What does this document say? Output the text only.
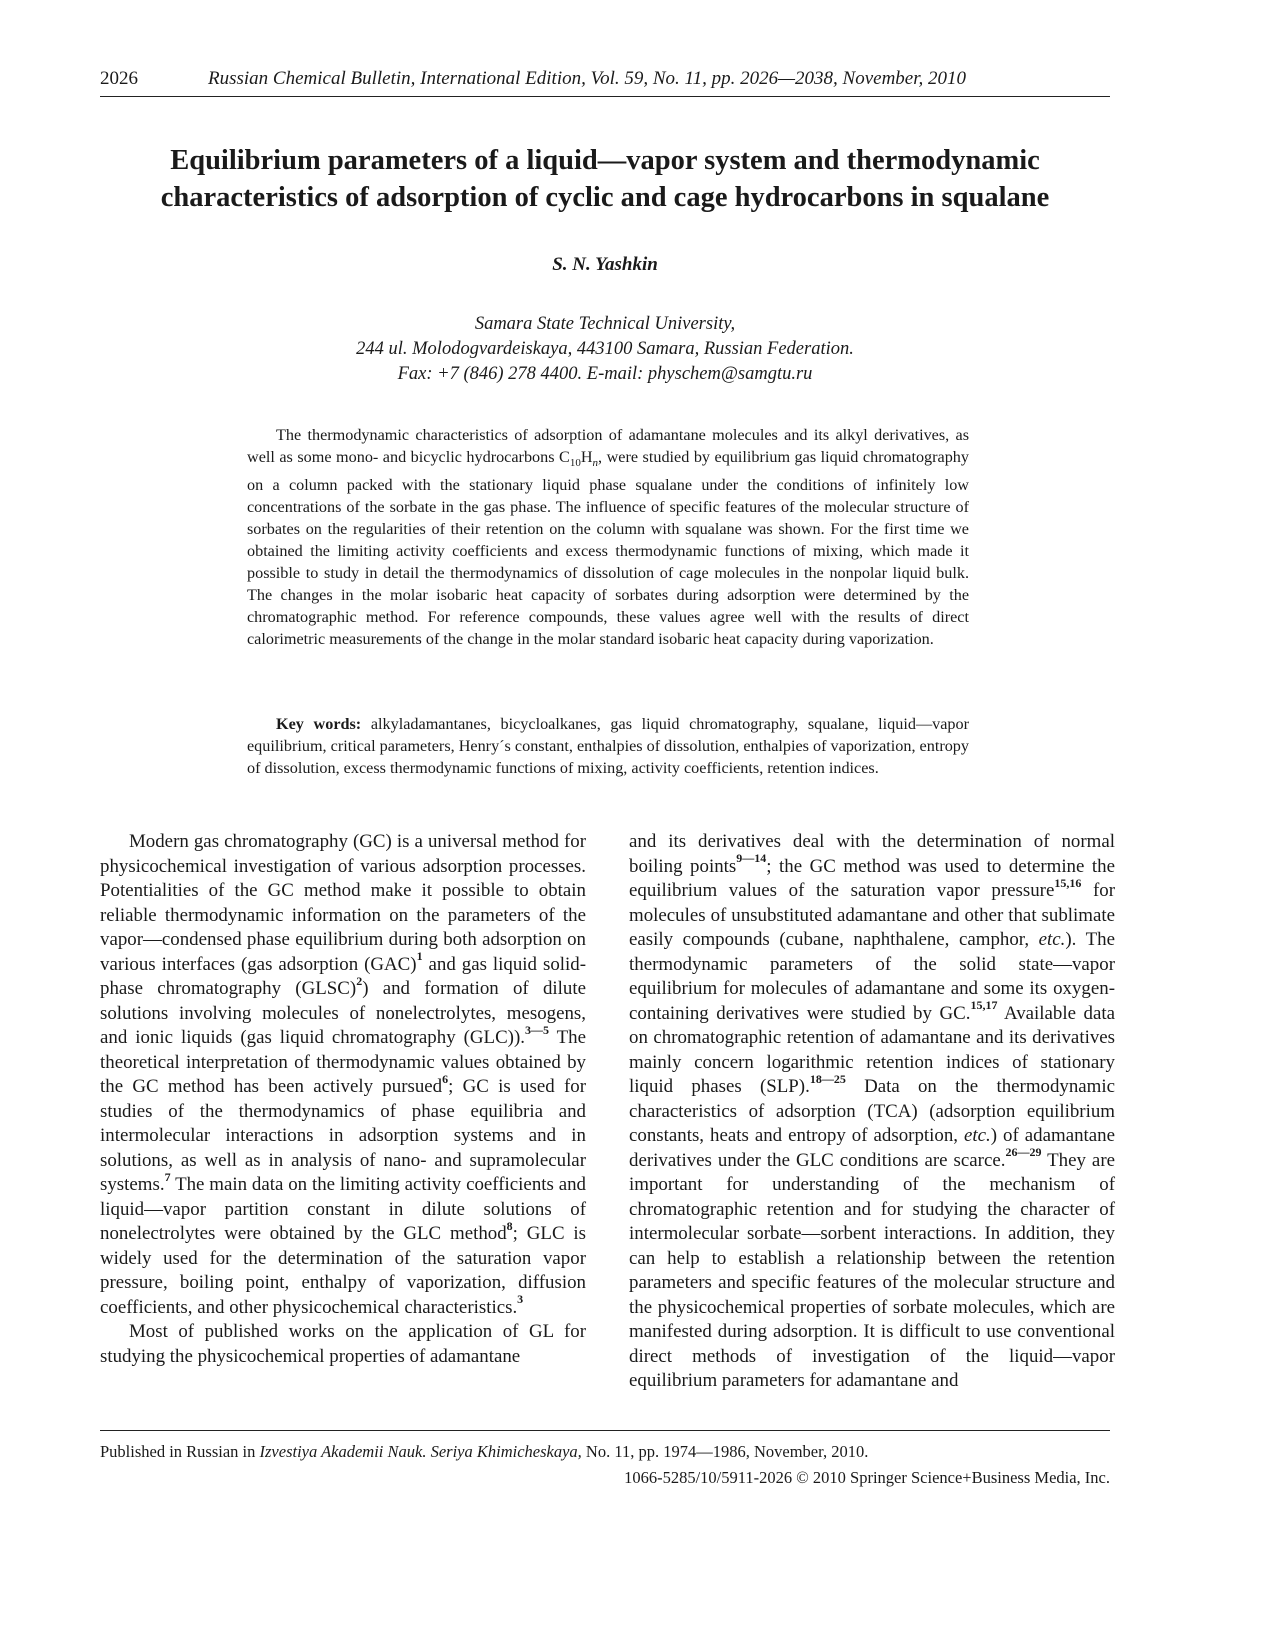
2026	Russian Chemical Bulletin, International Edition, Vol. 59, No. 11, pp. 2026—2038, November, 2010
Equilibrium parameters of a liquid—vapor system and thermodynamic
characteristics of adsorption of cyclic and cage hydrocarbons in squalane
S. N. Yashkin
Samara State Technical University,
244 ul. Molodogvardeiskaya, 443100 Samara, Russian Federation.
Fax: +7 (846) 278 4400. E-mail: physchem@samgtu.ru

The thermodynamic characteristics of adsorption of adamantane molecules and its alkyl derivatives, as well as some mono- and bicyclic hydrocarbons $C_{10}H_n$, were studied by equilibrium gas liquid chromatography on a column packed with the stationary liquid phase squalane under the conditions of infinitely low concentrations of the sorbate in the gas phase. The influence of specific features of the molecular structure of sorbates on the regularities of their retention on the column with squalane was shown. For the first time we obtained the limiting activity coefficients and excess thermodynamic functions of mixing, which made it possible to study in detail the thermodynamics of dissolution of cage molecules in the nonpolar liquid bulk. The changes in the molar isobaric heat capacity of sorbates during adsorption were determined by the chromatographic method. For reference compounds, these values agree well with the results of direct calorimetric measurements of the change in the molar standard isobaric heat capacity during vaporization.

Key words: alkyladamantanes, bicycloalkanes, gas liquid chromatography, squalane, liquid—vapor equilibrium, critical parameters, Henry´s constant, enthalpies of dissolution, enthalpies of vaporization, entropy of dissolution, excess thermodynamic functions of mixing, activity coefficients, retention indices.

Modern gas chromatography (GC) is a universal method for physicochemical investigation of various adsorption processes. Potentialities of the GC method make it possible to obtain reliable thermodynamic information on the parameters of the vapor—condensed phase equilibrium during both adsorption on various interfaces (gas adsorption (GAC)$^1$ and gas liquid solid-phase chromatography (GLSC)$^2$) and formation of dilute solutions involving molecules of nonelectrolytes, mesogens, and ionic liquids (gas liquid chromatography (GLC)).$^{3—5}$ The theoretical interpretation of thermodynamic values obtained by the GC method has been actively pursued$^6$; GC is used for studies of the thermodynamics of phase equilibria and intermolecular interactions in adsorption systems and in solutions, as well as in analysis of nano- and supramolecular systems.$^7$ The main data on the limiting activity coefficients and liquid—vapor partition constant in dilute solutions of nonelectrolytes were obtained by the GLC method$^8$; GLC is widely used for the determination of the saturation vapor pressure, boiling point, enthalpy of vaporization, diffusion coefficients, and other physicochemical characteristics.$^3$

Most of published works on the application of GL for studying the physicochemical properties of adamantane

and its derivatives deal with the determination of normal boiling points$^{9—14}$; the GC method was used to determine the equilibrium values of the saturation vapor pressure$^{15,16}$ for molecules of unsubstituted adamantane and other that sublimate easily compounds (cubane, naphthalene, camphor, etc.). The thermodynamic parameters of the solid state—vapor equilibrium for molecules of adamantane and some its oxygen-containing derivatives were studied by GC.$^{15,17}$ Available data on chromatographic retention of adamantane and its derivatives mainly concern logarithmic retention indices of stationary liquid phases (SLP).$^{18—25}$ Data on the thermodynamic characteristics of adsorption (TCA) (adsorption equilibrium constants, heats and entropy of adsorption, etc.) of adamantane derivatives under the GLC conditions are scarce.$^{26—29}$ They are important for understanding of the mechanism of chromatographic retention and for studying the character of intermolecular sorbate—sorbent interactions. In addition, they can help to establish a relationship between the retention parameters and specific features of the molecular structure and the physicochemical properties of sorbate molecules, which are manifested during adsorption. It is difficult to use conventional direct methods of investigation of the liquid—vapor equilibrium parameters for adamantane and

Published in Russian in Izvestiya Akademii Nauk. Seriya Khimicheskaya, No. 11, pp. 1974—1986, November, 2010.
1066-5285/10/5911-2026 © 2010 Springer Science+Business Media, Inc.
